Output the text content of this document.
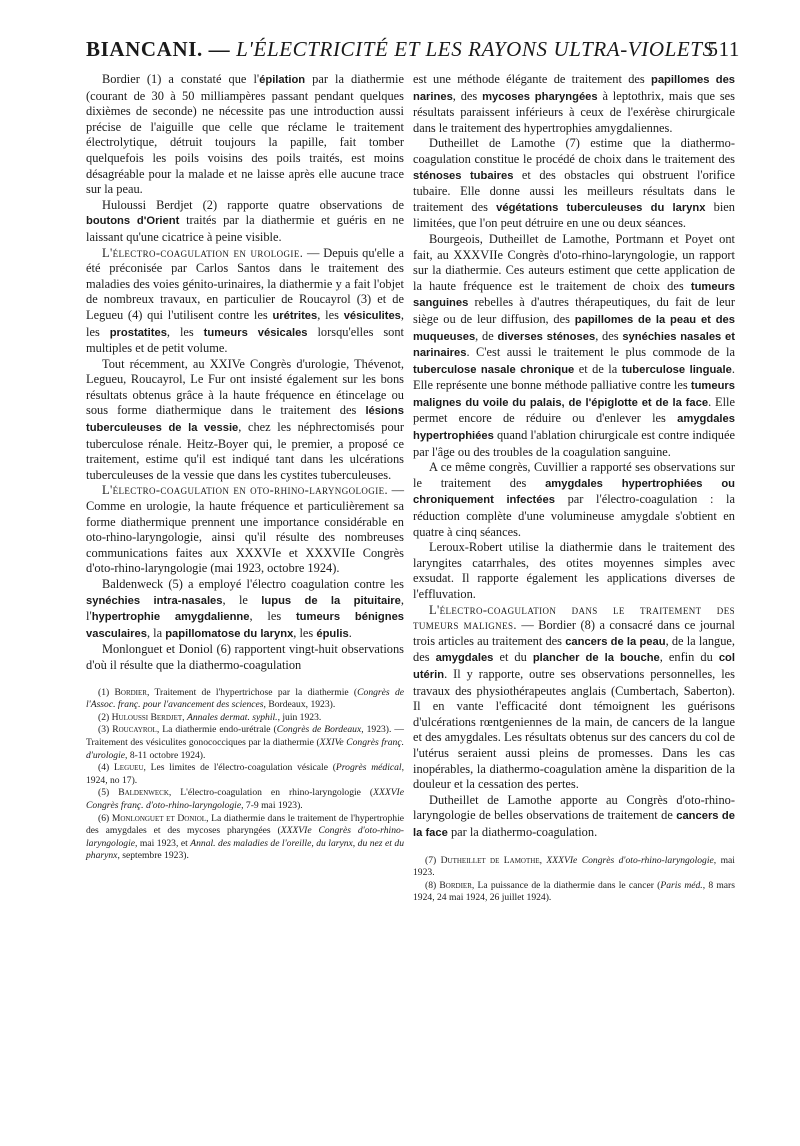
BIANCANI. — L'ÉLECTRICITÉ ET LES RAYONS ULTRA-VIOLETS
511

Bordier (1) a constaté que l'épilation par la diathermie (courant de 30 à 50 milliampères passant pendant quelques dixièmes de seconde) ne nécessite pas une introduction aussi précise de l'aiguille que celle que réclame le traitement électrolytique, détruit toujours la papille, fait tomber quelquefois les poils voisins des poils traités, est moins désagréable pour la malade et ne laisse après elle aucune trace sur la peau.

Huloussi Berdjet (2) rapporte quatre observations de boutons d'Orient traités par la diathermie et guéris en ne laissant qu'une cicatrice à peine visible.

L'électro-coagulation en urologie. — Depuis qu'elle a été préconisée par Carlos Santos dans le traitement des maladies des voies génito-urinaires, la diathermie y a fait l'objet de nombreux travaux, en particulier de Roucayrol (3) et de Legueu (4) qui l'utilisent contre les urétrites, les vésiculites, les prostatites, les tumeurs vésicales lorsqu'elles sont multiples et de petit volume.

Tout récemment, au XXIVe Congrès d'urologie, Thévenot, Legueu, Roucayrol, Le Fur ont insisté également sur les bons résultats obtenus grâce à la haute fréquence en étincelage ou sous forme diathermique dans le traitement des lésions tuberculeuses de la vessie, chez les néphrectomisés pour tuberculose rénale. Heitz-Boyer qui, le premier, a proposé ce traitement, estime qu'il est indiqué tant dans les ulcérations tuberculeuses de la vessie que dans les cystites tuberculeuses.

L'électro-coagulation en oto-rhino-laryngologie. — Comme en urologie, la haute fréquence et particulièrement sa forme diathermique prennent une importance considérable en oto-rhino-laryngologie, ainsi qu'il résulte des nombreuses communications faites aux XXXVIe et XXXVIIe Congrès d'oto-rhino-laryngologie (mai 1923, octobre 1924).

Baldenweck (5) a employé l'électro coagulation contre les synéchies intra-nasales, le lupus de la pituitaire, l'hypertrophie amygdalienne, les tumeurs bénignes vasculaires, la papillomatose du larynx, les épulis.

Monlonguet et Doniol (6) rapportent vingt-huit observations d'où il résulte que la diathermo-coagulation

(1) Bordier, Traitement de l'hypertrichose par la diathermie (Congrès de l'Assoc. franç. pour l'avancement des sciences, Bordeaux, 1923).

(2) Huloussi Berdjet, Annales dermat. syphil., juin 1923.

(3) Roucayrol, La diathermie endo-urétrale (Congrès de Bordeaux, 1923). — Traitement des vésiculites gonococciques par la diathermie (XXIVe Congrès franç. d'urologie, 8-11 octobre 1924).

(4) Legueu, Les limites de l'électro-coagulation vésicale (Progrès médical, 1924, no 17).

(5) Baldenweck, L'électro-coagulation en rhino-laryngologie (XXXVIe Congrès franç. d'oto-rhino-laryngologie, 7-9 mai 1923).

(6) Monlonguet et Doniol, La diathermie dans le traitement de l'hypertrophie des amygdales et des mycoses pharyngées (XXXVIe Congrès d'oto-rhino-laryngologie, mai 1923, et Annal. des maladies de l'oreille, du larynx, du nez et du pharynx, septembre 1923).

est une méthode élégante de traitement des papillomes des narines, des mycoses pharyngées à leptothrix, mais que ses résultats paraissent inférieurs à ceux de l'exérèse chirurgicale dans le traitement des hypertrophies amygdaliennes.

Dutheillet de Lamothe (7) estime que la diathermo-coagulation constitue le procédé de choix dans le traitement des sténoses tubaires et des obstacles qui obstruent l'orifice tubaire. Elle donne aussi les meilleurs résultats dans le traitement des végétations tuberculeuses du larynx bien limitées, que l'on peut détruire en une ou deux séances.

Bourgeois, Dutheillet de Lamothe, Portmann et Poyet ont fait, au XXXVIIe Congrès d'oto-rhino-laryngologie, un rapport sur la diathermie. Ces auteurs estiment que cette application de la haute fréquence est le traitement de choix des tumeurs sanguines rebelles à d'autres thérapeutiques, du fait de leur siège ou de leur diffusion, des papillomes de la peau et des muqueuses, de diverses sténoses, des synéchies nasales et narinaires. C'est aussi le traitement le plus commode de la tuberculose nasale chronique et de la tuberculose linguale. Elle représente une bonne méthode palliative contre les tumeurs malignes du voile du palais, de l'épiglotte et de la face. Elle permet encore de réduire ou d'enlever les amygdales hypertrophiées quand l'ablation chirurgicale est contre indiquée par l'âge ou des troubles de la coagulation sanguine.

A ce même congrès, Cuvillier a rapporté ses observations sur le traitement des amygdales hypertrophiées ou chroniquement infectées par l'électro-coagulation : la réduction complète d'une volumineuse amygdale s'obtient en quatre à cinq séances.

Leroux-Robert utilise la diathermie dans le traitement des laryngites catarrhales, des otites moyennes simples avec exsudat. Il rapporte également les applications diverses de l'effluvation.

L'électro-coagulation dans le traitement des tumeurs malignes. — Bordier (8) a consacré dans ce journal trois articles au traitement des cancers de la peau, de la langue, des amygdales et du plancher de la bouche, enfin du col utérin. Il y rapporte, outre ses observations personnelles, les travaux des physiothérapeutes anglais (Cumbertach, Saberton). Il en vante l'efficacité dont témoignent les guérisons d'ulcérations rœntgeniennes de la main, de cancers de la langue et des amygdales. Les résultats obtenus sur des cancers du col de l'utérus seraient aussi pleins de promesses. Dans les cas inopérables, la diathermo-coagulation amène la disparition de la douleur et la cessation des pertes.

Dutheillet de Lamothe apporte au Congrès d'oto-rhino-laryngologie de belles observations de traitement de cancers de la face par la diathermo-coagulation.

(7) Dutheillet de Lamothe, XXXVIe Congrès d'oto-rhino-laryngologie, mai 1923.

(8) Bordier, La puissance de la diathermie dans le cancer (Paris méd., 8 mars 1924, 24 mai 1924, 26 juillet 1924).
